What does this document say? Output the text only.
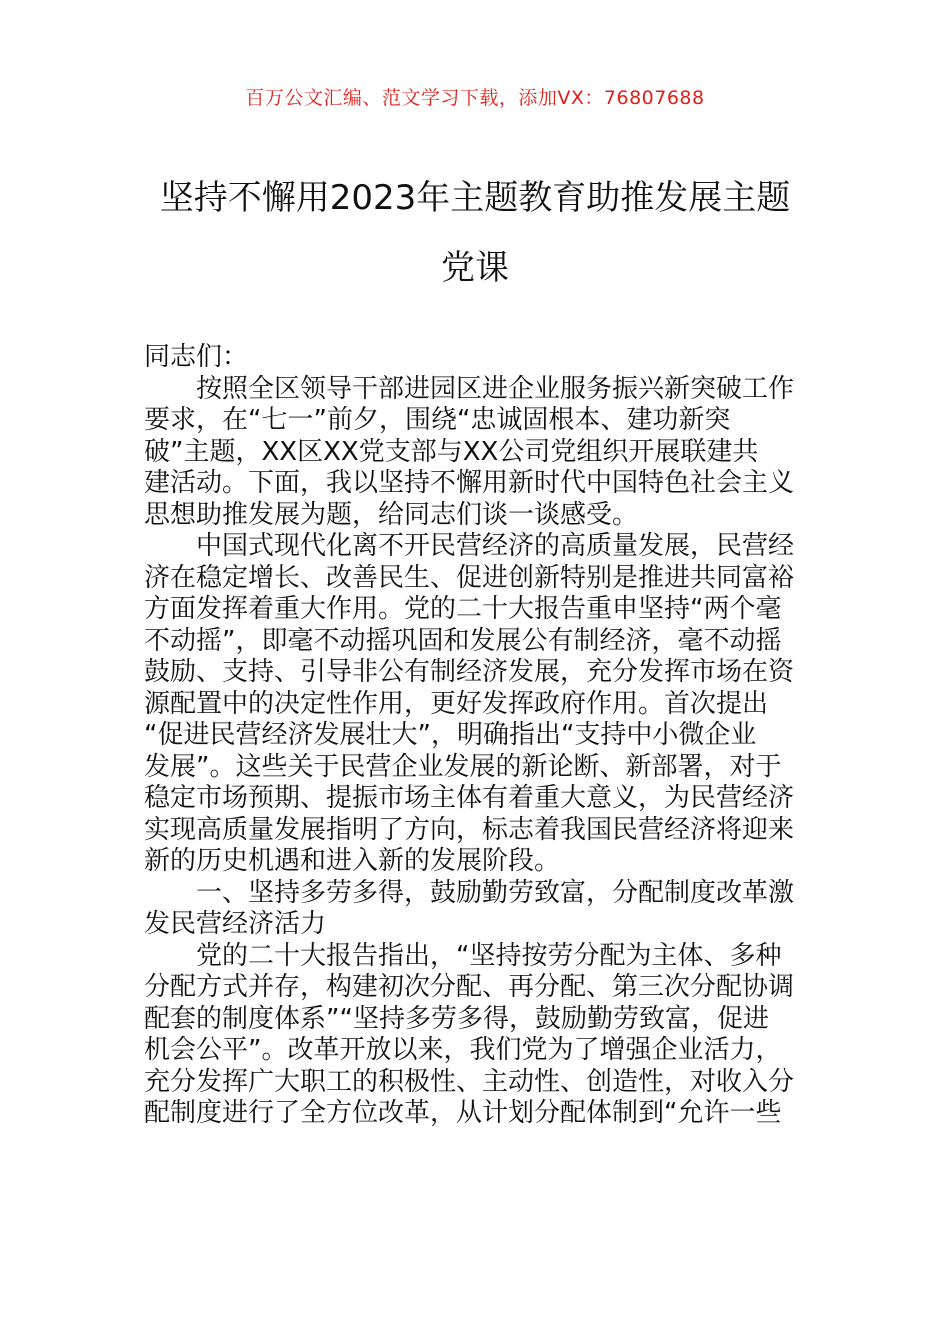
百万公文汇编、范文学习下载，添加VX：76807688
坚持不懈用2023年主题教育助推发展主题
党课
同志们：
按照全区领导干部进园区进企业服务振兴新突破工作
要求，在“七一”前夕，围绕“忠诚固根本、建功新突
破”主题，XX区XX党支部与XX公司党组织开展联建共
建活动。下面，我以坚持不懈用新时代中国特色社会主义
思想助推发展为题，给同志们谈一谈感受。
中国式现代化离不开民营经济的高质量发展，民营经
济在稳定增长、改善民生、促进创新特别是推进共同富裕
方面发挥着重大作用。党的二十大报告重申坚持“两个毫
不动摇”，即毫不动摇巩固和发展公有制经济，毫不动摇
鼓励、支持、引导非公有制经济发展，充分发挥市场在资
源配置中的决定性作用，更好发挥政府作用。首次提出
“促进民营经济发展壮大”，明确指出“支持中小微企业
发展”。这些关于民营企业发展的新论断、新部署，对于
稳定市场预期、提振市场主体有着重大意义，为民营经济
实现高质量发展指明了方向，标志着我国民营经济将迎来
新的历史机遇和进入新的发展阶段。
一、坚持多劳多得，鼓励勤劳致富，分配制度改革激
发民营经济活力
党的二十大报告指出，“坚持按劳分配为主体、多种
分配方式并存，构建初次分配、再分配、第三次分配协调
配套的制度体系”“坚持多劳多得，鼓励勤劳致富，促进
机会公平”。改革开放以来，我们党为了增强企业活力，
充分发挥广大职工的积极性、主动性、创造性，对收入分
配制度进行了全方位改革，从计划分配体制到“允许一些
